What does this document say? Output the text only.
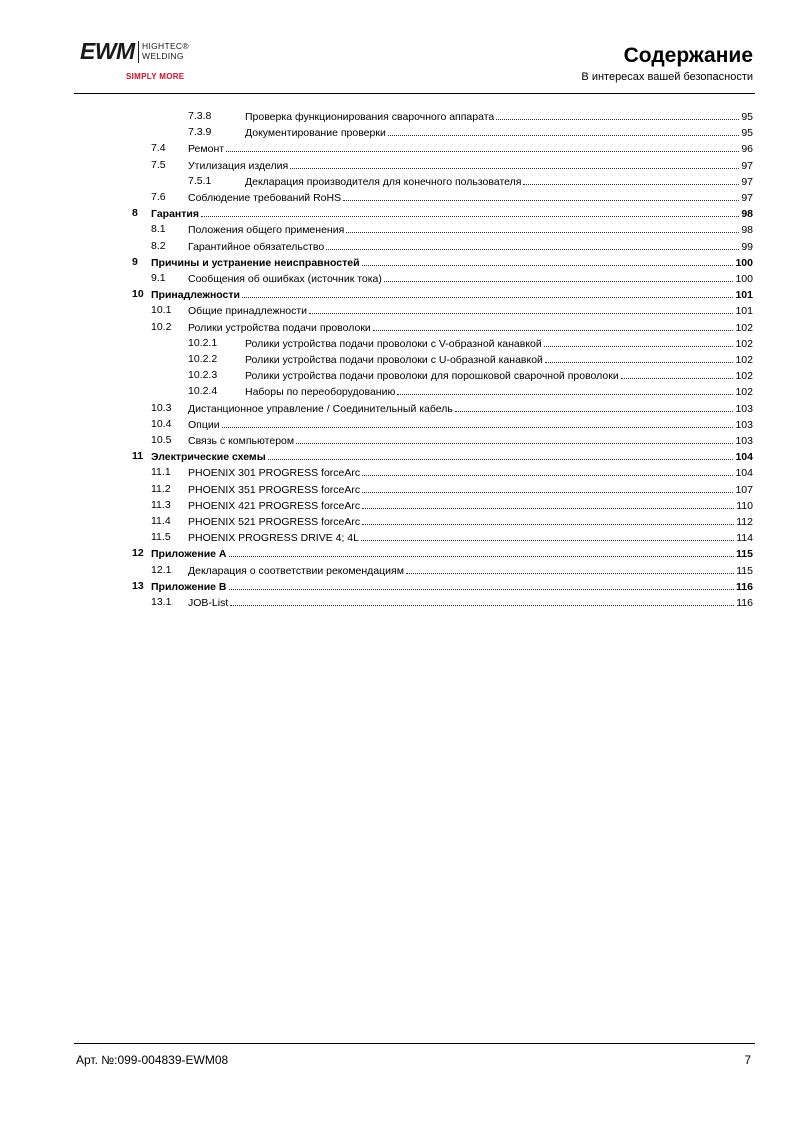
EWM HIGHTEC®
WELDING
SIMPLY MORE
Содержание
В интересах вашей безопасности
7.3.8	Проверка функционирования сварочного аппарата	95
7.3.9	Документирование проверки	95
7.4 Ремонт	96
7.5 Утилизация изделия	97
7.5.1	Декларация производителя для конечного пользователя	97
7.6 Соблюдение требований RoHS	97
8 Гарантия	98
8.1 Положения общего применения	98
8.2 Гарантийное обязательство	99
9 Причины и устранение неисправностей	100
9.1 Сообщения об ошибках (источник тока)	100
10 Принадлежности	101
10.1 Общие принадлежности	101
10.2 Ролики устройства подачи проволоки	102
10.2.1	Ролики устройства подачи проволоки с V-образной канавкой	102
10.2.2	Ролики устройства подачи проволоки с U-образной канавкой	102
10.2.3	Ролики устройства подачи проволоки для порошковой сварочной проволоки	102
10.2.4	Наборы по переоборудованию	102
10.3 Дистанционное управление / Соединительный кабель	103
10.4 Опции	103
10.5 Связь с компьютером	103
11 Электрические схемы	104
11.1 PHOENIX 301 PROGRESS forceArc	104
11.2 PHOENIX 351 PROGRESS forceArc	107
11.3 PHOENIX 421 PROGRESS forceArc	110
11.4 PHOENIX 521 PROGRESS forceArc	112
11.5 PHOENIX PROGRESS DRIVE 4; 4L	114
12 Приложение A	115
12.1 Декларация о соответствии рекомендациям	115
13 Приложение B	116
13.1 JOB-List	116
Арт. №:099-004839-EWM08	7
